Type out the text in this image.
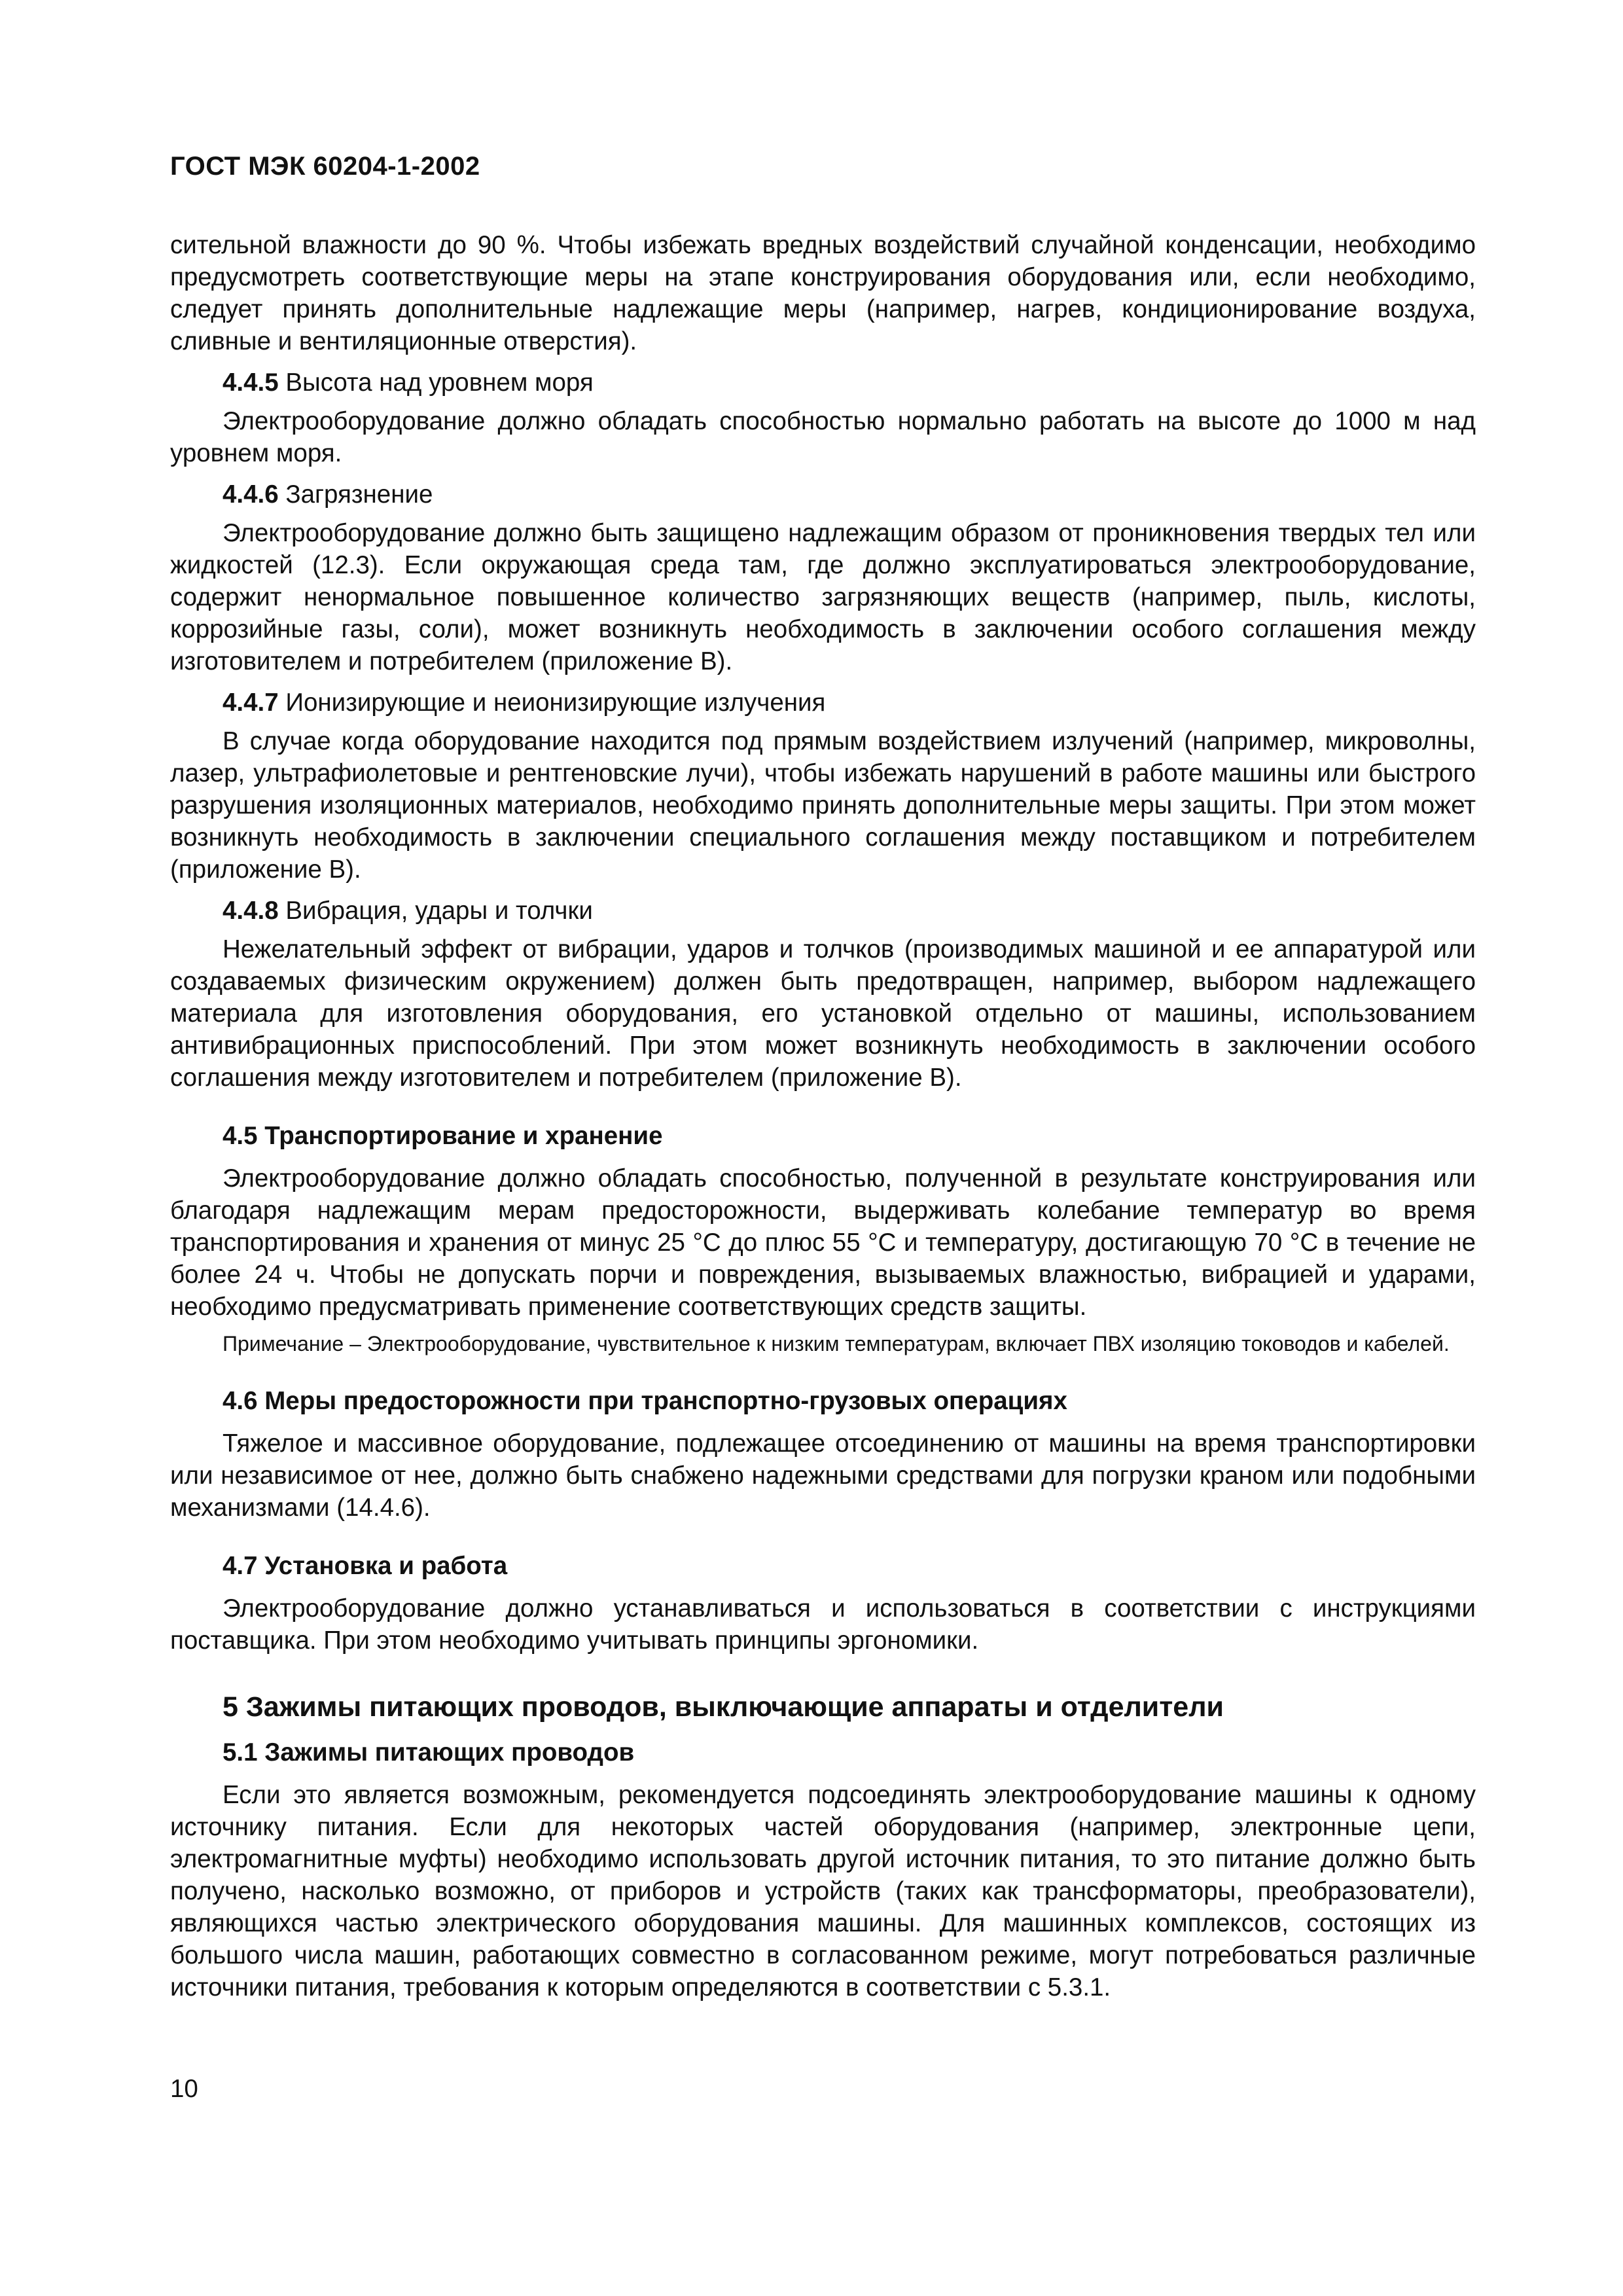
ГОСТ МЭК 60204-1-2002

сительной влажности до 90 %. Чтобы избежать вредных воздействий случайной конденсации, необходимо предусмотреть соответствующие меры на этапе конструирования оборудования или, если необходимо, следует принять дополнительные надлежащие меры (например, нагрев, кондиционирование воздуха, сливные и вентиляционные отверстия).

4.4.5 Высота над уровнем моря

Электрооборудование должно обладать способностью нормально работать на высоте до 1000 м над уровнем моря.

4.4.6 Загрязнение

Электрооборудование должно быть защищено надлежащим образом от проникновения твердых тел или жидкостей (12.3). Если окружающая среда там, где должно эксплуатироваться электрооборудование, содержит ненормальное повышенное количество загрязняющих веществ (например, пыль, кислоты, коррозийные газы, соли), может возникнуть необходимость в заключении особого соглашения между изготовителем и потребителем (приложение В).

4.4.7 Ионизирующие и неионизирующие излучения

В случае когда оборудование находится под прямым воздействием излучений (например, микроволны, лазер, ультрафиолетовые и рентгеновские лучи), чтобы избежать нарушений в работе машины или быстрого разрушения изоляционных материалов, необходимо принять дополнительные меры защиты. При этом может возникнуть необходимость в заключении специального соглашения между поставщиком и потребителем (приложение В).

4.4.8 Вибрация, удары и толчки

Нежелательный эффект от вибрации, ударов и толчков (производимых машиной и ее аппаратурой или создаваемых физическим окружением) должен быть предотвращен, например, выбором надлежащего материала для изготовления оборудования, его установкой отдельно от машины, использованием антивибрационных приспособлений. При этом может возникнуть необходимость в заключении особого соглашения между изготовителем и потребителем (приложение В).

4.5 Транспортирование и хранение

Электрооборудование должно обладать способностью, полученной в результате конструирования или благодаря надлежащим мерам предосторожности, выдерживать колебание температур во время транспортирования и хранения от минус 25 °С до плюс 55 °С и температуру, достигающую 70 °С в течение не более 24 ч. Чтобы не допускать порчи и повреждения, вызываемых влажностью, вибрацией и ударами, необходимо предусматривать применение соответствующих средств защиты.

Примечание – Электрооборудование, чувствительное к низким температурам, включает ПВХ изоляцию тоководов и кабелей.
4.6 Меры предосторожности при транспортно-грузовых операциях

Тяжелое и массивное оборудование, подлежащее отсоединению от машины на время транспортировки или независимое от нее, должно быть снабжено надежными средствами для погрузки краном или подобными механизмами (14.4.6).

4.7 Установка и работа

Электрооборудование должно устанавливаться и использоваться в соответствии с инструкциями поставщика. При этом необходимо учитывать принципы эргономики.

5 Зажимы питающих проводов, выключающие аппараты и отделители
5.1 Зажимы питающих проводов

Если это является возможным, рекомендуется подсоединять электрооборудование машины к одному источнику питания. Если для некоторых частей оборудования (например, электронные цепи, электромагнитные муфты) необходимо использовать другой источник питания, то это питание должно быть получено, насколько возможно, от приборов и устройств (таких как трансформаторы, преобразователи), являющихся частью электрического оборудования машины. Для машинных комплексов, состоящих из большого числа машин, работающих совместно в согласованном режиме, могут потребоваться различные источники питания, требования к которым определяются в соответствии с 5.3.1.

10
